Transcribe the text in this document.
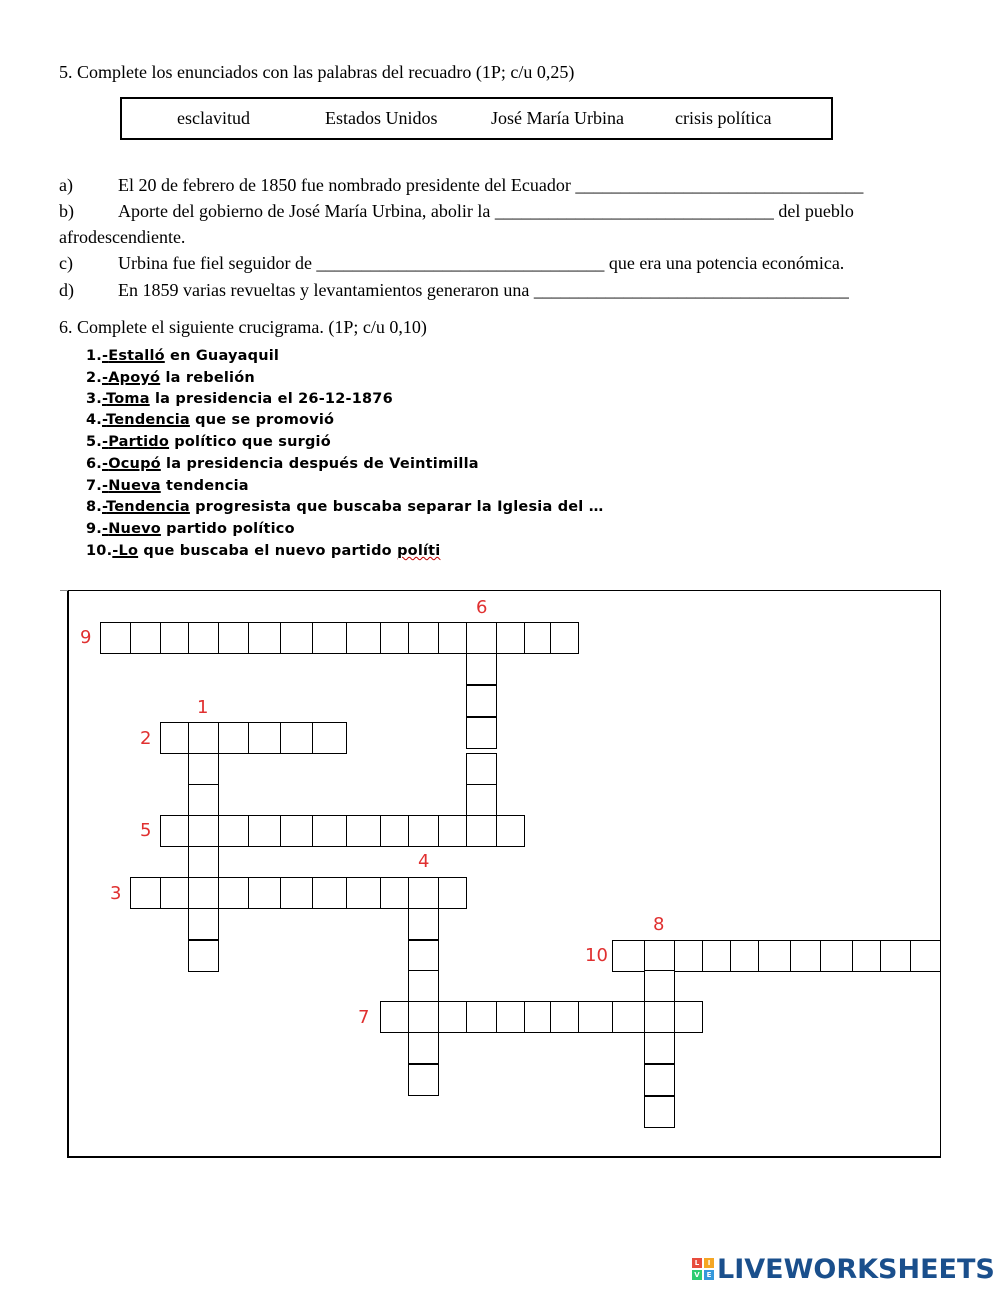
5. Complete los enunciados con las palabras del recuadro (1P; c/u 0,25)
esclavitud	Estados Unidos	José María Urbina	crisis política
a)	El 20 de febrero de 1850 fue nombrado presidente del Ecuador ________________________________
b) Aporte del gobierno de José María Urbina, abolir la _______________________________ del pueblo
afrodescendiente.
c)	Urbina fue fiel seguidor de ________________________________ que era una potencia económica.
d) En 1859 varias revueltas y levantamientos generaron una ___________________________________
6. Complete el siguiente crucigrama. (1P; c/u 0,10)
1.-Estalló en Guayaquil
2.-Apoyó la rebelión
3.-Toma la presidencia el 26-12-1876
4.-Tendencia que se promovió
5.-Partido político que surgió
6.-Ocupó la presidencia después de Veintimilla
7.-Nueva tendencia
8.-Tendencia progresista que buscaba separar la Iglesia del …
9.-Nuevo partido político
10.-Lo que buscaba el nuevo partido políti
9
6
1
2
5
4
3
8
10
7
L	I
V E LIVEWORKSHEETS
